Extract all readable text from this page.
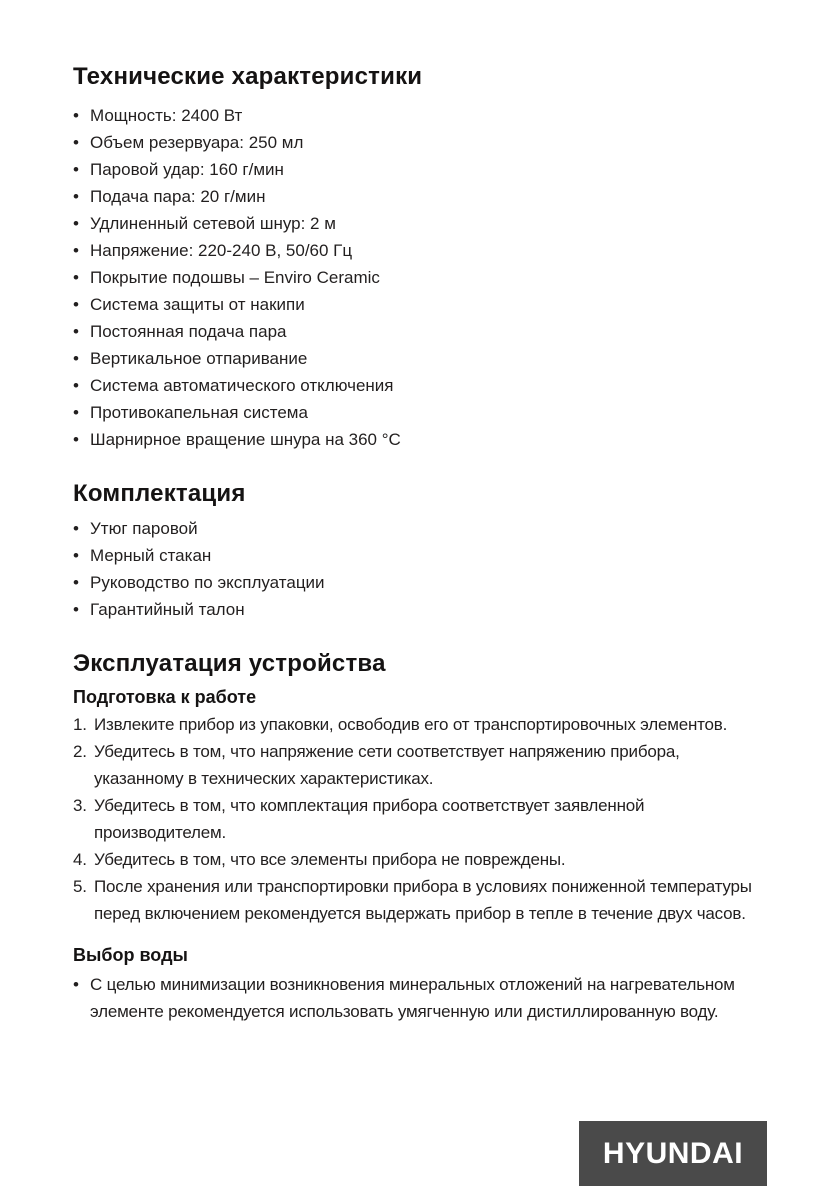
Технические характеристики
• Мощность: 2400 Вт
• Объем резервуара: 250 мл
• Паровой удар: 160 г/мин
• Подача пара: 20 г/мин
• Удлиненный сетевой шнур: 2 м
• Напряжение: 220-240 В, 50/60 Гц
• Покрытие подошвы – Enviro Ceramic
• Система защиты от накипи
• Постоянная подача пара
• Вертикальное отпаривание
• Система автоматического отключения
• Противокапельная система
• Шарнирное вращение шнура на 360 °C
Комплектация
• Утюг паровой
• Мерный стакан
• Руководство по эксплуатации
• Гарантийный талон
Эксплуатация устройства
Подготовка к работе
1. Извлеките прибор из упаковки, освободив его от транспортировочных элементов.
2. Убедитесь в том, что напряжение сети соответствует напряжению прибора, указанному в технических характеристиках.
3. Убедитесь в том, что комплектация прибора соответствует заявленной производителем.
4. Убедитесь в том, что все элементы прибора не повреждены.
5. После хранения или транспортировки прибора в условиях пониженной температуры перед включением рекомендуется выдержать прибор в тепле в течение двух часов.
Выбор воды
• С целью минимизации возникновения минеральных отложений на нагревательном элементе рекомендуется использовать умягченную или дистиллированную воду.
HYUNDAI
